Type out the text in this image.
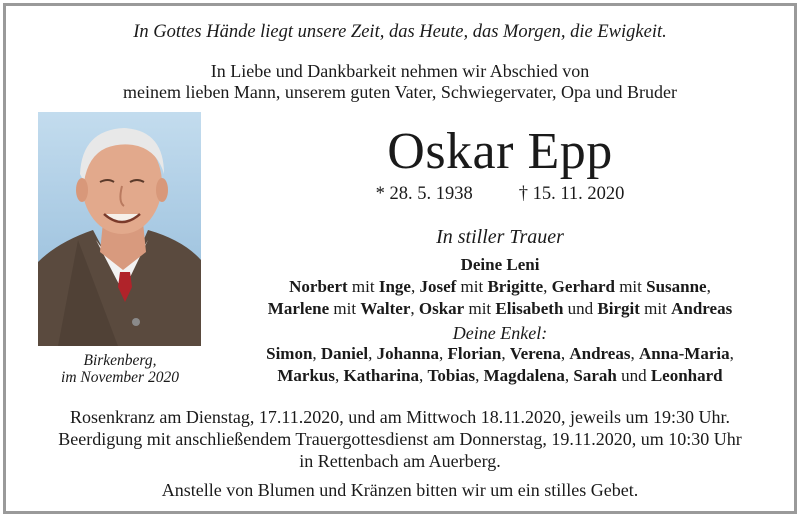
In Gottes Hände liegt unsere Zeit, das Heute, das Morgen, die Ewigkeit.
In Liebe und Dankbarkeit nehmen wir Abschied von
meinem lieben Mann, unserem guten Vater, Schwiegervater, Opa und Bruder
Birkenberg,
im November 2020
Oskar Epp
* 28. 5. 1938 † 15. 11. 2020
In stiller Trauer
Deine Leni
Norbert mit Inge, Josef mit Brigitte, Gerhard mit Susanne,
Marlene mit Walter, Oskar mit Elisabeth und Birgit mit Andreas
Deine Enkel:
Simon, Daniel, Johanna, Florian, Verena, Andreas, Anna-Maria,
Markus, Katharina, Tobias, Magdalena, Sarah und Leonhard
Rosenkranz am Dienstag, 17.11.2020, und am Mittwoch 18.11.2020, jeweils um 19:30 Uhr.
Beerdigung mit anschließendem Trauergottesdienst am Donnerstag, 19.11.2020, um 10:30 Uhr
in Rettenbach am Auerberg.
Anstelle von Blumen und Kränzen bitten wir um ein stilles Gebet.
